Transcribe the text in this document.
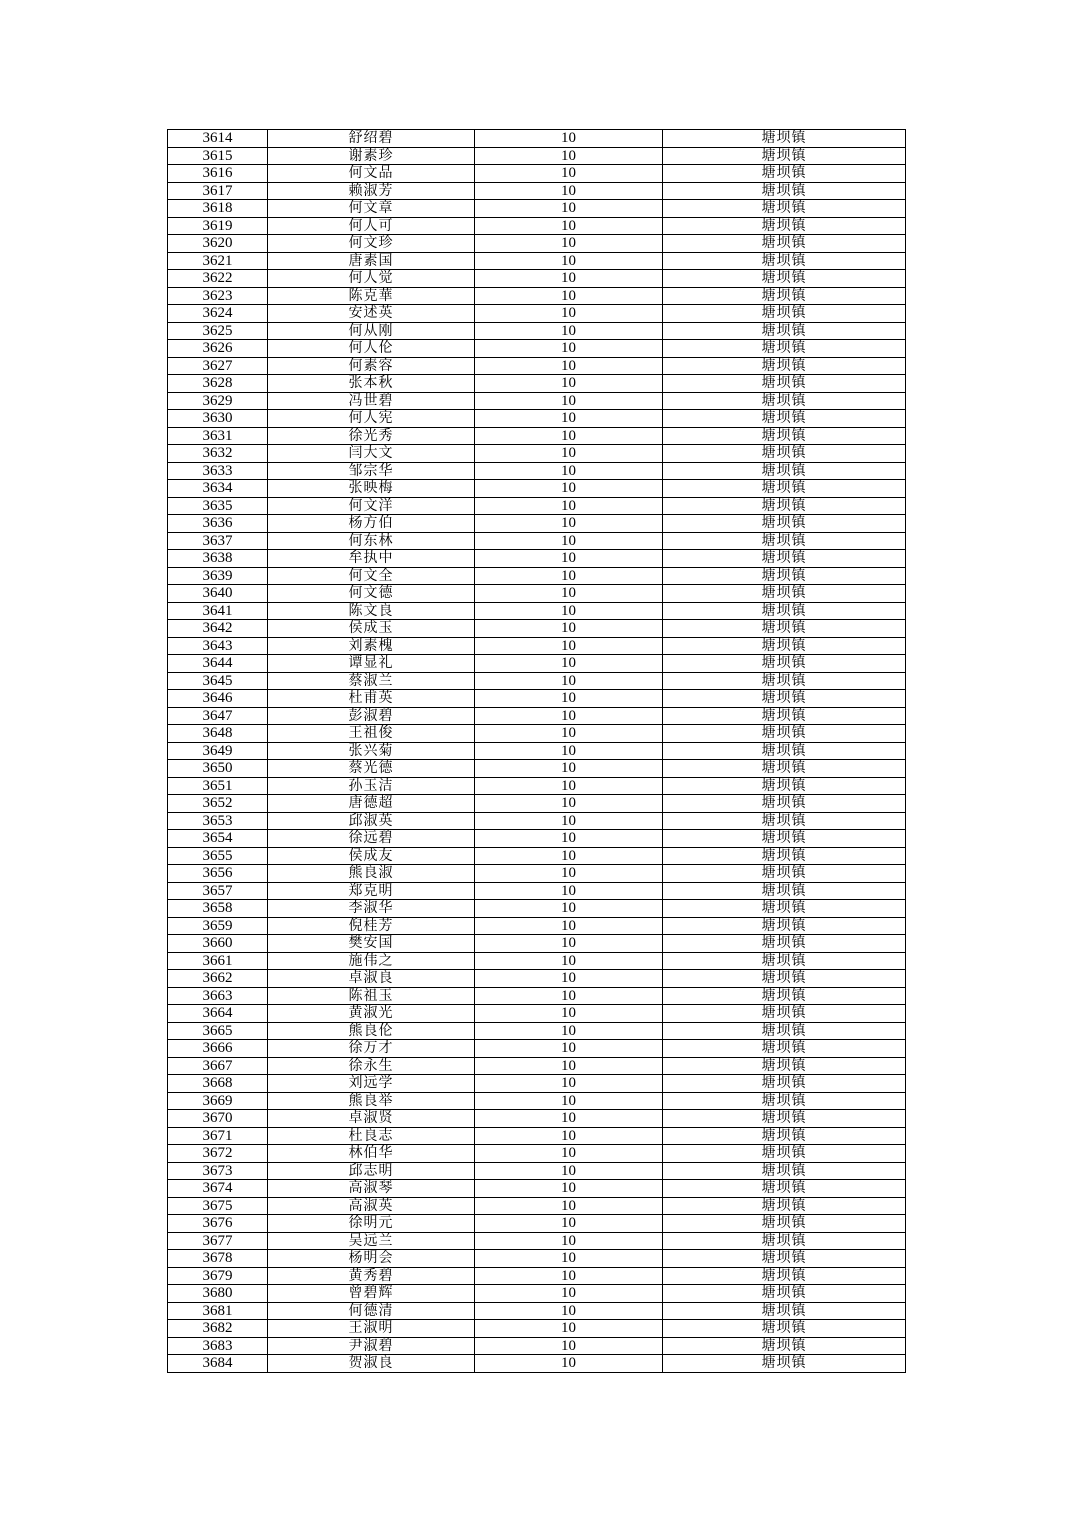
3614	舒绍碧	10	塘坝镇
3615	谢素珍	10	塘坝镇
3616	何文品	10	塘坝镇
3617	赖淑芳	10	塘坝镇
3618	何文章	10	塘坝镇
3619	何人可	10	塘坝镇
3620	何文珍	10	塘坝镇
3621	唐素国	10	塘坝镇
3622	何人觉	10	塘坝镇
3623	陈克華	10	塘坝镇
3624	安述英	10	塘坝镇
3625	何从刚	10	塘坝镇
3626	何人伦	10	塘坝镇
3627	何素容	10	塘坝镇
3628	张本秋	10	塘坝镇
3629	冯世碧	10	塘坝镇
3630	何人宪	10	塘坝镇
3631	徐光秀	10	塘坝镇
3632	闫大文	10	塘坝镇
3633	邹宗华	10	塘坝镇
3634	张映梅	10	塘坝镇
3635	何文洋	10	塘坝镇
3636	杨方伯	10	塘坝镇
3637	何东林	10	塘坝镇
3638	牟执中	10	塘坝镇
3639	何文全	10	塘坝镇
3640	何文德	10	塘坝镇
3641	陈文良	10	塘坝镇
3642	侯成玉	10	塘坝镇
3643	刘素槐	10	塘坝镇
3644	谭显礼	10	塘坝镇
3645	蔡淑兰	10	塘坝镇
3646	杜甫英	10	塘坝镇
3647	彭淑碧	10	塘坝镇
3648	王祖俊	10	塘坝镇
3649	张兴菊	10	塘坝镇
3650	蔡光德	10	塘坝镇
3651	孙玉洁	10	塘坝镇
3652	唐德超	10	塘坝镇
3653	邱淑英	10	塘坝镇
3654	徐远碧	10	塘坝镇
3655	侯成友	10	塘坝镇
3656	熊良淑	10	塘坝镇
3657	郑克明	10	塘坝镇
3658	李淑华	10	塘坝镇
3659	倪桂芳	10	塘坝镇
3660	樊安国	10	塘坝镇
3661	施伟之	10	塘坝镇
3662	卓淑良	10	塘坝镇
3663	陈祖玉	10	塘坝镇
3664	黄淑光	10	塘坝镇
3665	熊良伦	10	塘坝镇
3666	徐万才	10	塘坝镇
3667	徐永生	10	塘坝镇
3668	刘远学	10	塘坝镇
3669	熊良举	10	塘坝镇
3670	卓淑贤	10	塘坝镇
3671	杜良志	10	塘坝镇
3672	林伯华	10	塘坝镇
3673	邱志明	10	塘坝镇
3674	高淑琴	10	塘坝镇
3675	高淑英	10	塘坝镇
3676	徐明元	10	塘坝镇
3677	吴远兰	10	塘坝镇
3678	杨明会	10	塘坝镇
3679	黄秀碧	10	塘坝镇
3680	曾碧辉	10	塘坝镇
3681	何德清	10	塘坝镇
3682	王淑明	10	塘坝镇
3683	尹淑碧	10	塘坝镇
3684	贺淑良	10	塘坝镇
